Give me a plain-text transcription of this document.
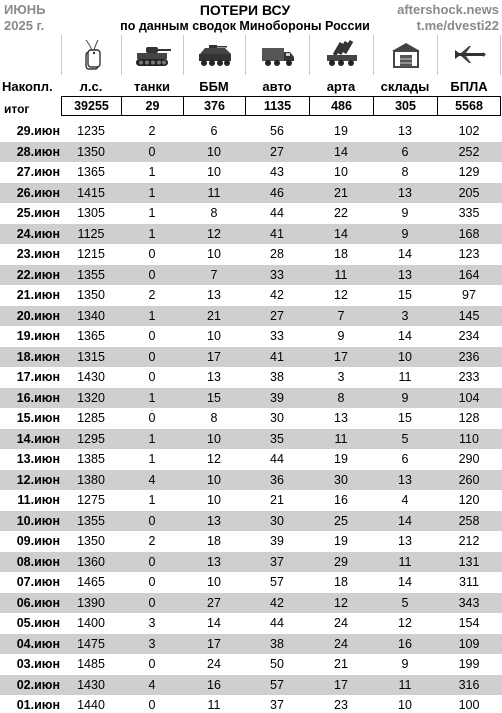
ИЮНЬ
2025 г.
ПОТЕРИ ВСУ
по данным сводок Минобороны России
aftershock.news
t.me/dvesti22
Накопл.	л.с.	танки	ББМ	авто	арта	склады	БПЛА
итог	39255	29	376	1135	486	305	5568
29.июн	1235	2	6	56	19	13	102
28.июн	1350	0	10	27	14	6	252
27.июн	1365	1	10	43	10	8	129
26.июн	1415	1	11	46	21	13	205
25.июн	1305	1	8	44	22	9	335
24.июн	1125	1	12	41	14	9	168
23.июн	1215	0	10	28	18	14	123
22.июн	1355	0	7	33	11	13	164
21.июн	1350	2	13	42	12	15	97
20.июн	1340	1	21	27	7	3	145
19.июн	1365	0	10	33	9	14	234
18.июн	1315	0	17	41	17	10	236
17.июн	1430	0	13	38	3	11	233
16.июн	1320	1	15	39	8	9	104
15.июн	1285	0	8	30	13	15	128
14.июн	1295	1	10	35	11	5	110
13.июн	1385	1	12	44	19	6	290
12.июн	1380	4	10	36	30	13	260
11.июн	1275	1	10	21	16	4	120
10.июн	1355	0	13	30	25	14	258
09.июн	1350	2	18	39	19	13	212
08.июн	1360	0	13	37	29	11	131
07.июн	1465	0	10	57	18	14	311
06.июн	1390	0	27	42	12	5	343
05.июн	1400	3	14	44	24	12	154
04.июн	1475	3	17	38	24	16	109
03.июн	1485	0	24	50	21	9	199
02.июн	1430	4	16	57	17	11	316
01.июн	1440	0	11	37	23	10	100
